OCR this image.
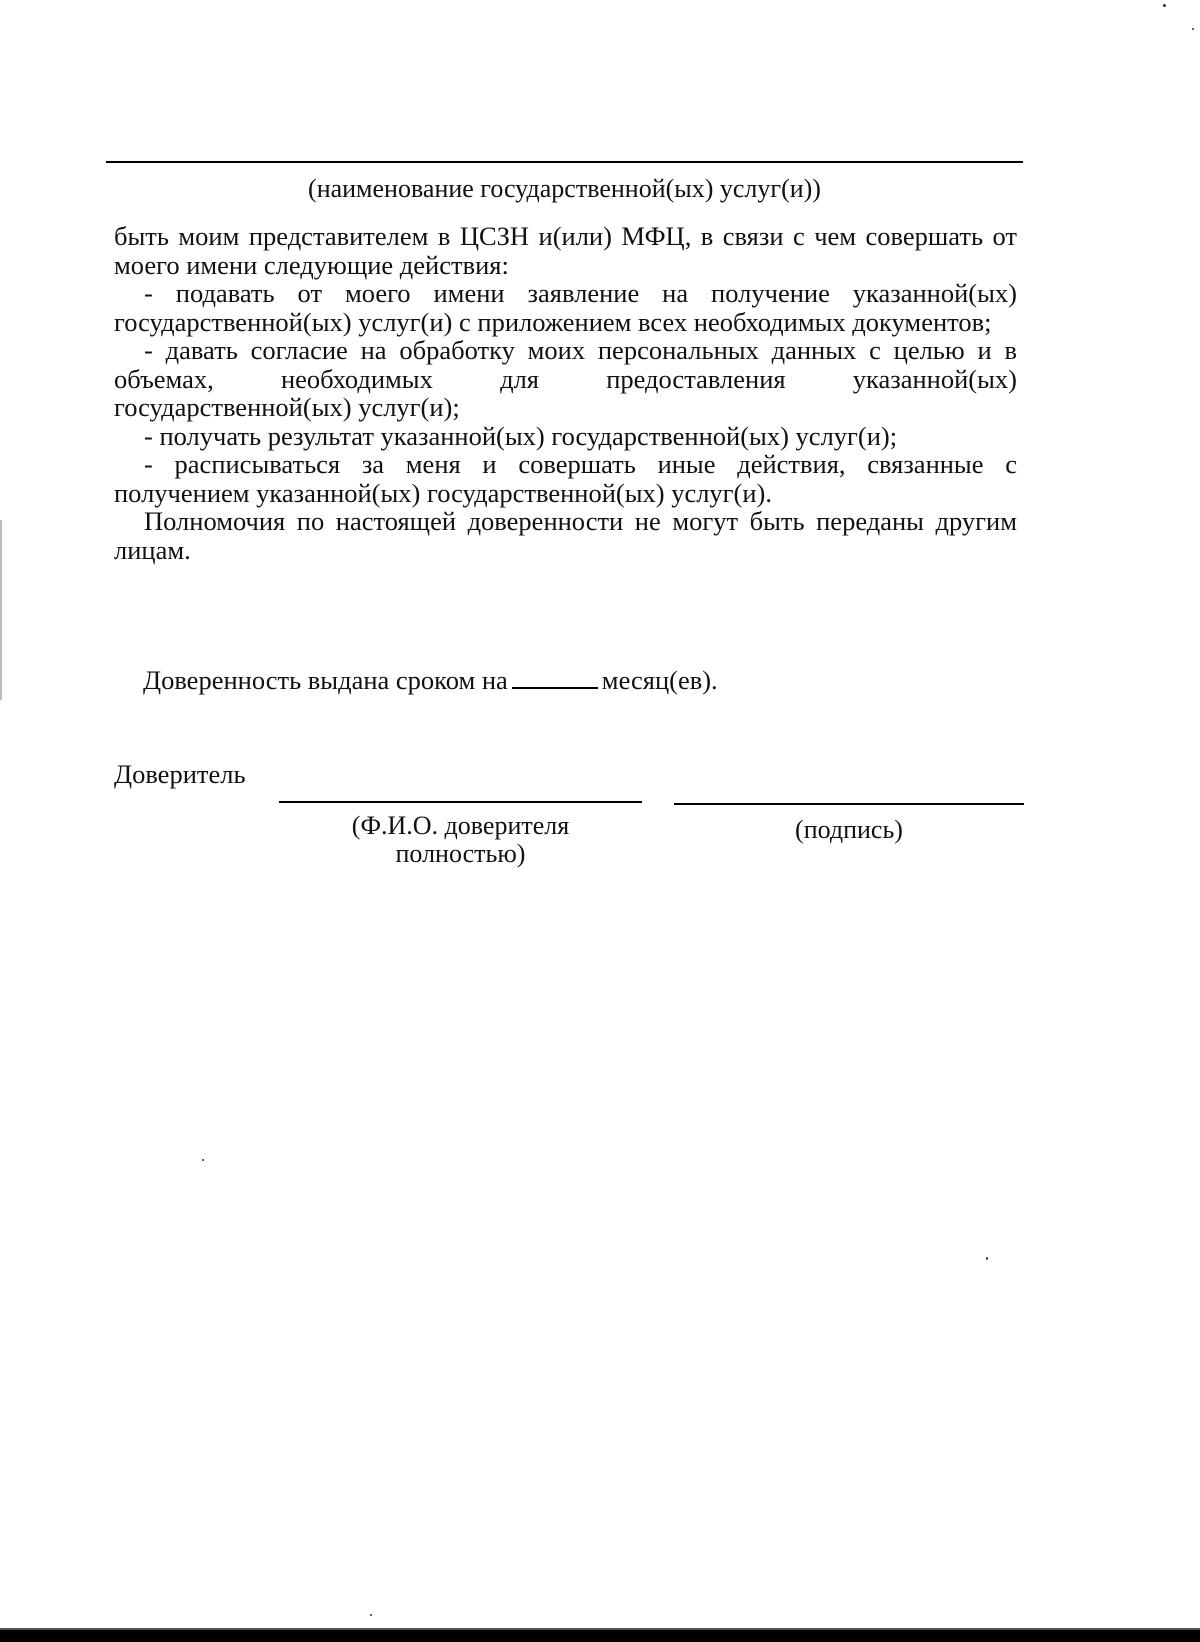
(наименование государственной(ых) услуг(и))

быть моим представителем в ЦСЗН и(или) МФЦ, в связи с чем совершать от моего имени следующие действия:

- подавать от моего имени заявление на получение указанной(ых) государственной(ых) услуг(и) с приложением всех необходимых документов;

- давать согласие на обработку моих персональных данных с целью и в объемах, необходимых для предоставления указанной(ых) государственной(ых) услуг(и);

- получать результат указанной(ых) государственной(ых) услуг(и);

- расписываться за меня и совершать иные действия, связанные с получением указанной(ых) государственной(ых) услуг(и).

Полномочия по настоящей доверенности не могут быть переданы другим лицам.

Доверенность выдана сроком на	месяц(ев).
Доверитель
(Ф.И.О. доверителя
полностью)
(подпись)
